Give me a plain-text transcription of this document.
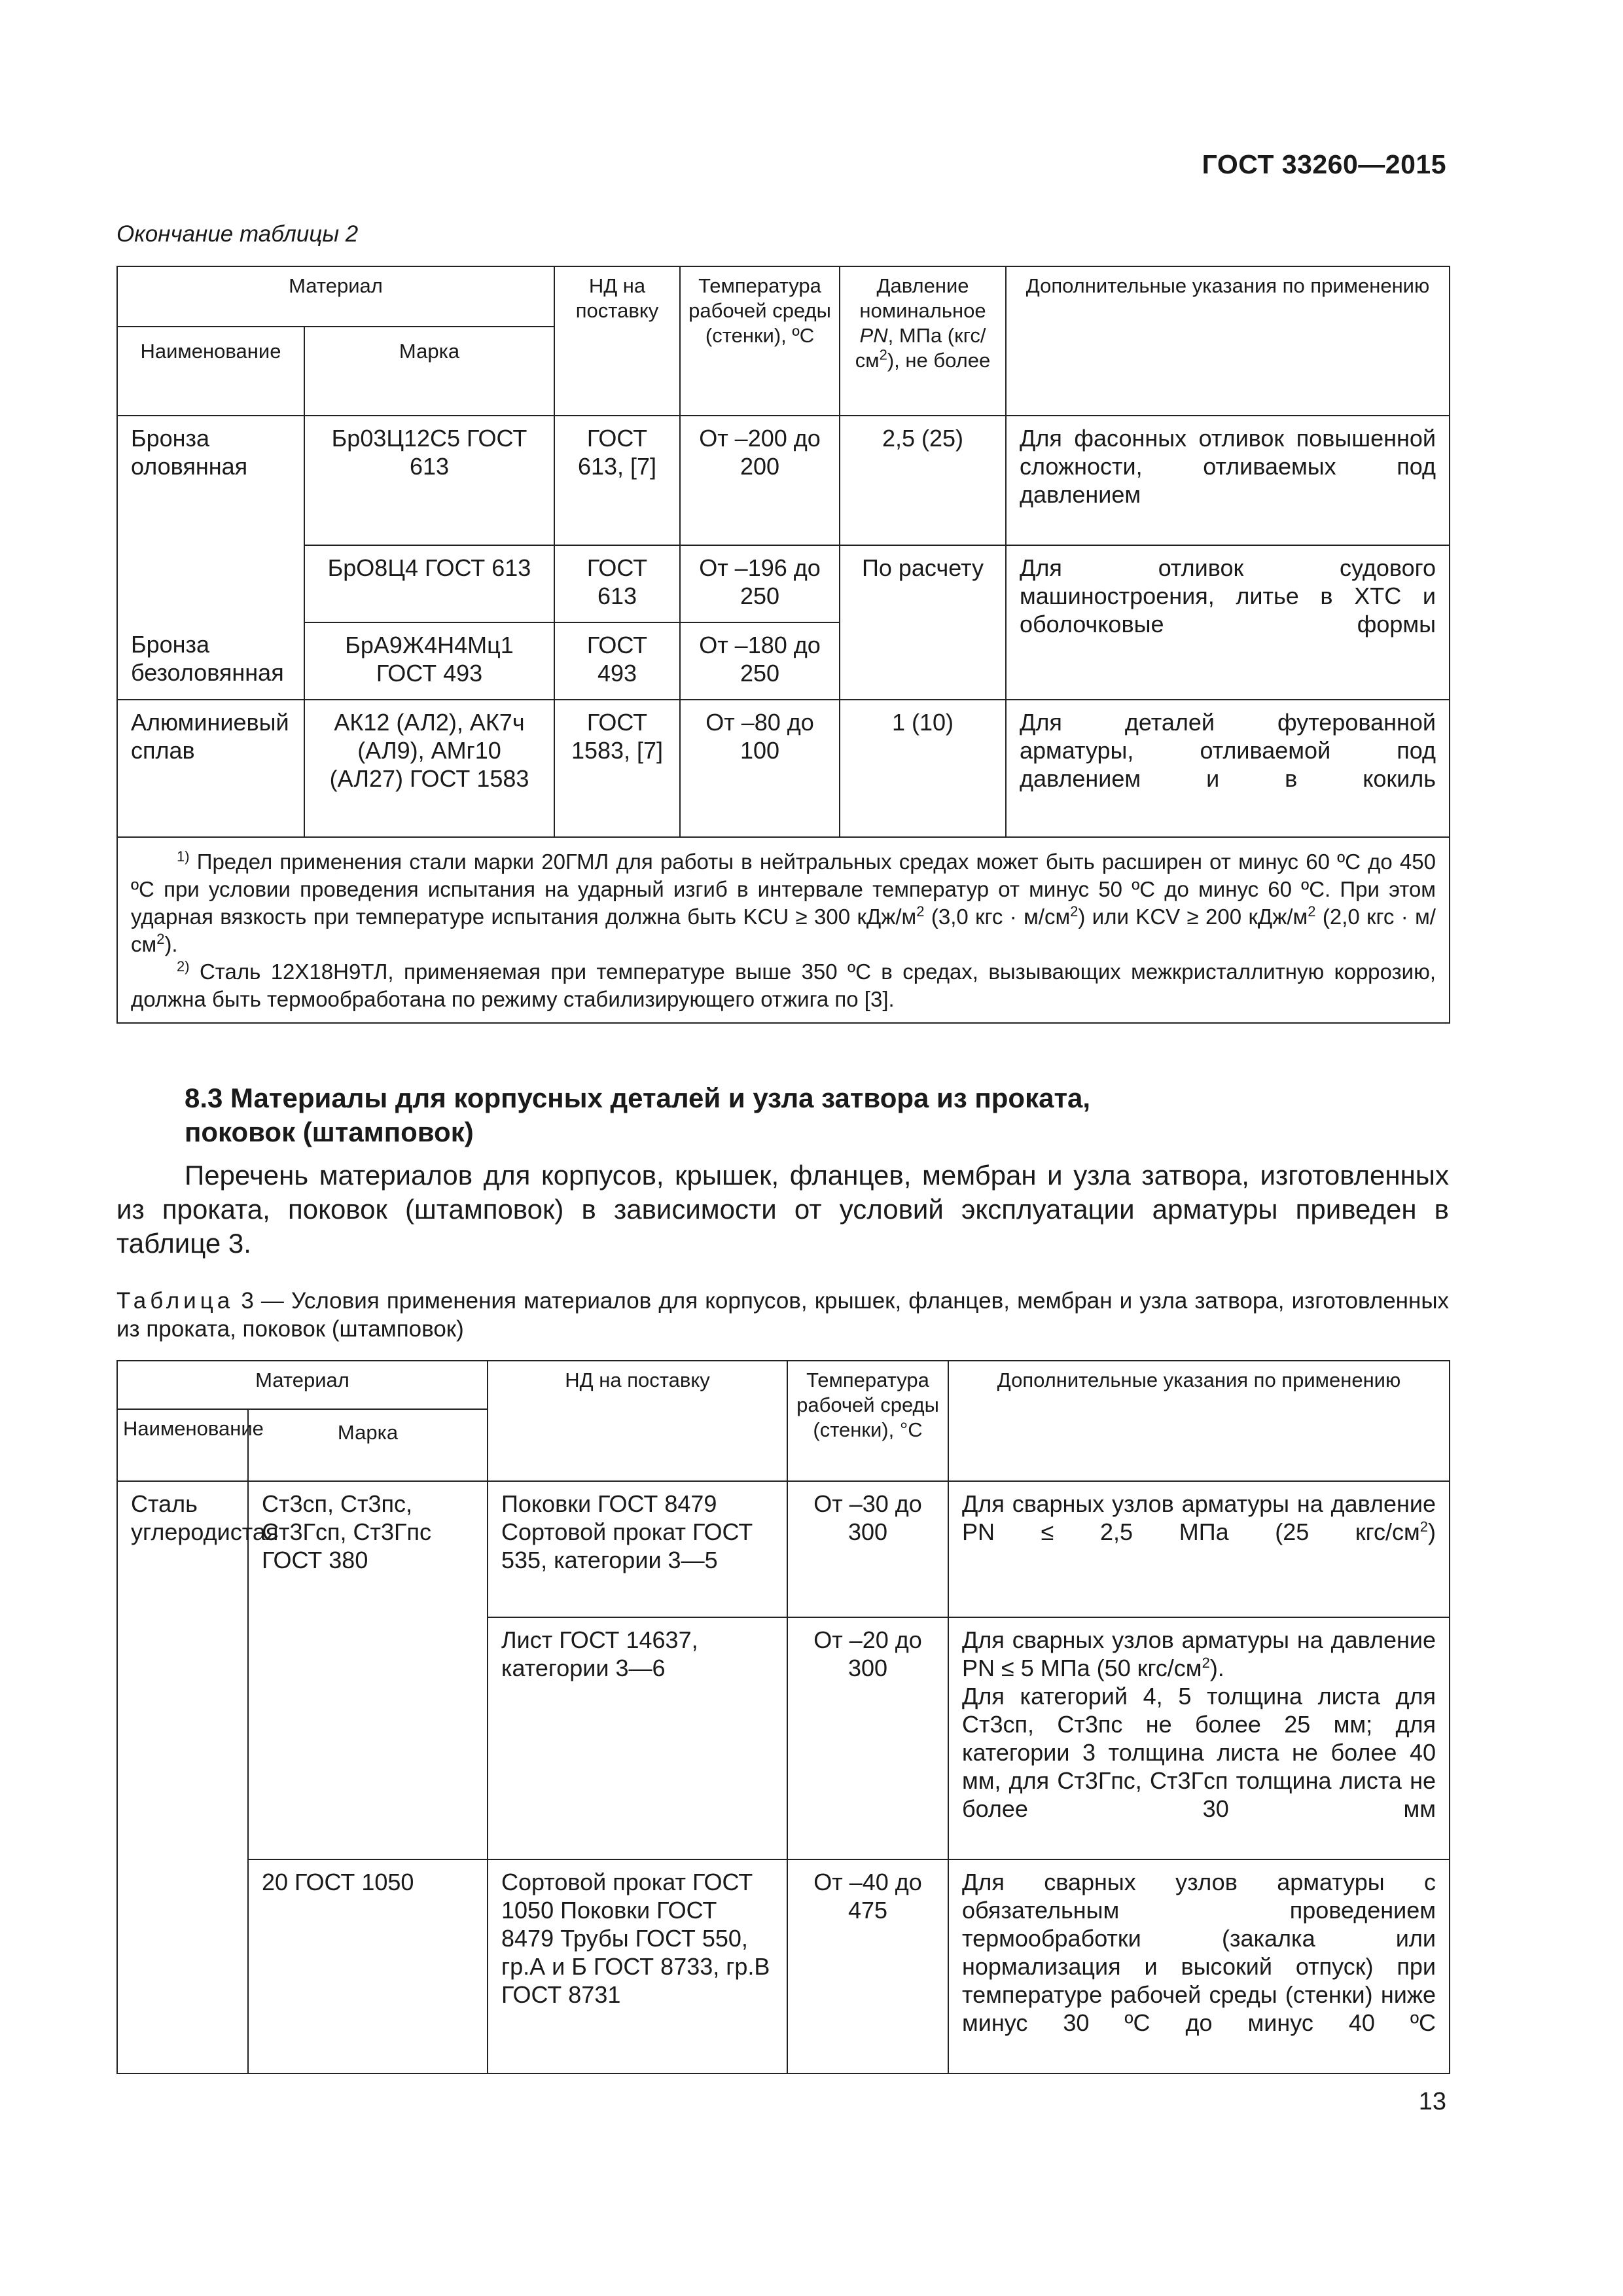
ГОСТ 33260—2015
Окончание таблицы 2
Материал		НД на поставку	Температура рабочей среды (стенки), ºС	Давление номинальное PN, МПа $(кгс/см^2)$, не более	Дополнительные указания по применению
Наименование	Марка				
Бронза оловянная	Бр03Ц12С5 ГОСТ 613	ГОСТ 613, [7]	От –200 до 200	2,5 (25)	Для фасонных отливок повышенной сложности, отливаемых под давлением
	БрО8Ц4 ГОСТ 613	ГОСТ 613	От –196 до 250	По расчету	Для отливок судового машиностроения, литье в ХТС и оболочковые формы
Бронза безоловянная	БрА9Ж4Н4Мц1 ГОСТ 493	ГОСТ 493	От –180 до 250		
Алюминиевый сплав	АК12 (АЛ2), АК7ч (АЛ9), АМг10 (АЛ27) ГОСТ 1583	ГОСТ 1583, [7]	От –80 до 100	1 (10)	Для деталей футерованной арматуры, отливаемой под давлением и в кокиль

$^{1)}$ Предел применения стали марки 20ГМЛ для работы в нейтральных средах может быть расширен от минус 60 ºС до 450 ºС при условии проведения испытания на ударный изгиб в интервале температур от минус 50 ºС до минус 60 ºС. При этом ударная вязкость при температуре испытания должна быть KCU ≥ 300 кДж/$м^2$ (3,0 кгс · $м/см^2$) или KCV ≥ 200 кДж/$м^2$ (2,0 кгс · $м/см^2$).

$^{2)}$ Сталь 12Х18Н9ТЛ, применяемая при температуре выше 350 ºС в средах, вызывающих межкристаллитную коррозию, должна быть термообработана по режиму стабилизирующего отжига по [3].					

8.3 Материалы для корпусных деталей и узла затвора из проката,
поковок (штамповок)

Перечень материалов для корпусов, крышек, фланцев, мембран и узла затвора, изготовленных из проката, поковок (штамповок) в зависимости от условий эксплуатации арматуры приведен в таблице 3.

Таблица 3 — Условия применения материалов для корпусов, крышек, фланцев, мембран и узла затвора, изготовленных из проката, поковок (штамповок)
Материал		НД на поставку	Температура рабочей среды (стенки), °С	Дополнительные указания по применению
Наименование	Марка			
Сталь углеродистая	Ст3сп, Ст3пс, Ст3Гсп, Ст3Гпс ГОСТ 380	Поковки ГОСТ 8479 Сортовой прокат ГОСТ 535, категории 3—5	От –30 до 300	Для сварных узлов арматуры на давление PN ≤ 2,5 МПа (25 кгс/$см^2$)
		Лист ГОСТ 14637, категории 3—6	От –20 до 300	Для сварных узлов арматуры на давление PN ≤ 5 МПа (50 кгс/$см^2$).
Для категорий 4, 5 толщина листа для Ст3сп, Ст3пс не более 25 мм; для категории 3 толщина листа не более 40 мм, для Ст3Гпс, Ст3Гсп толщина листа не более 30 мм
	20 ГОСТ 1050	Сортовой прокат ГОСТ 1050 Поковки ГОСТ 8479 Трубы ГОСТ 550, гр.А и Б ГОСТ 8733, гр.В ГОСТ 8731	От –40 до 475	Для сварных узлов арматуры с обязательным проведением термообработки (закалка или нормализация и высокий отпуск) при температуре рабочей среды (стенки) ниже минус 30 ºС до минус 40 ºС
13
